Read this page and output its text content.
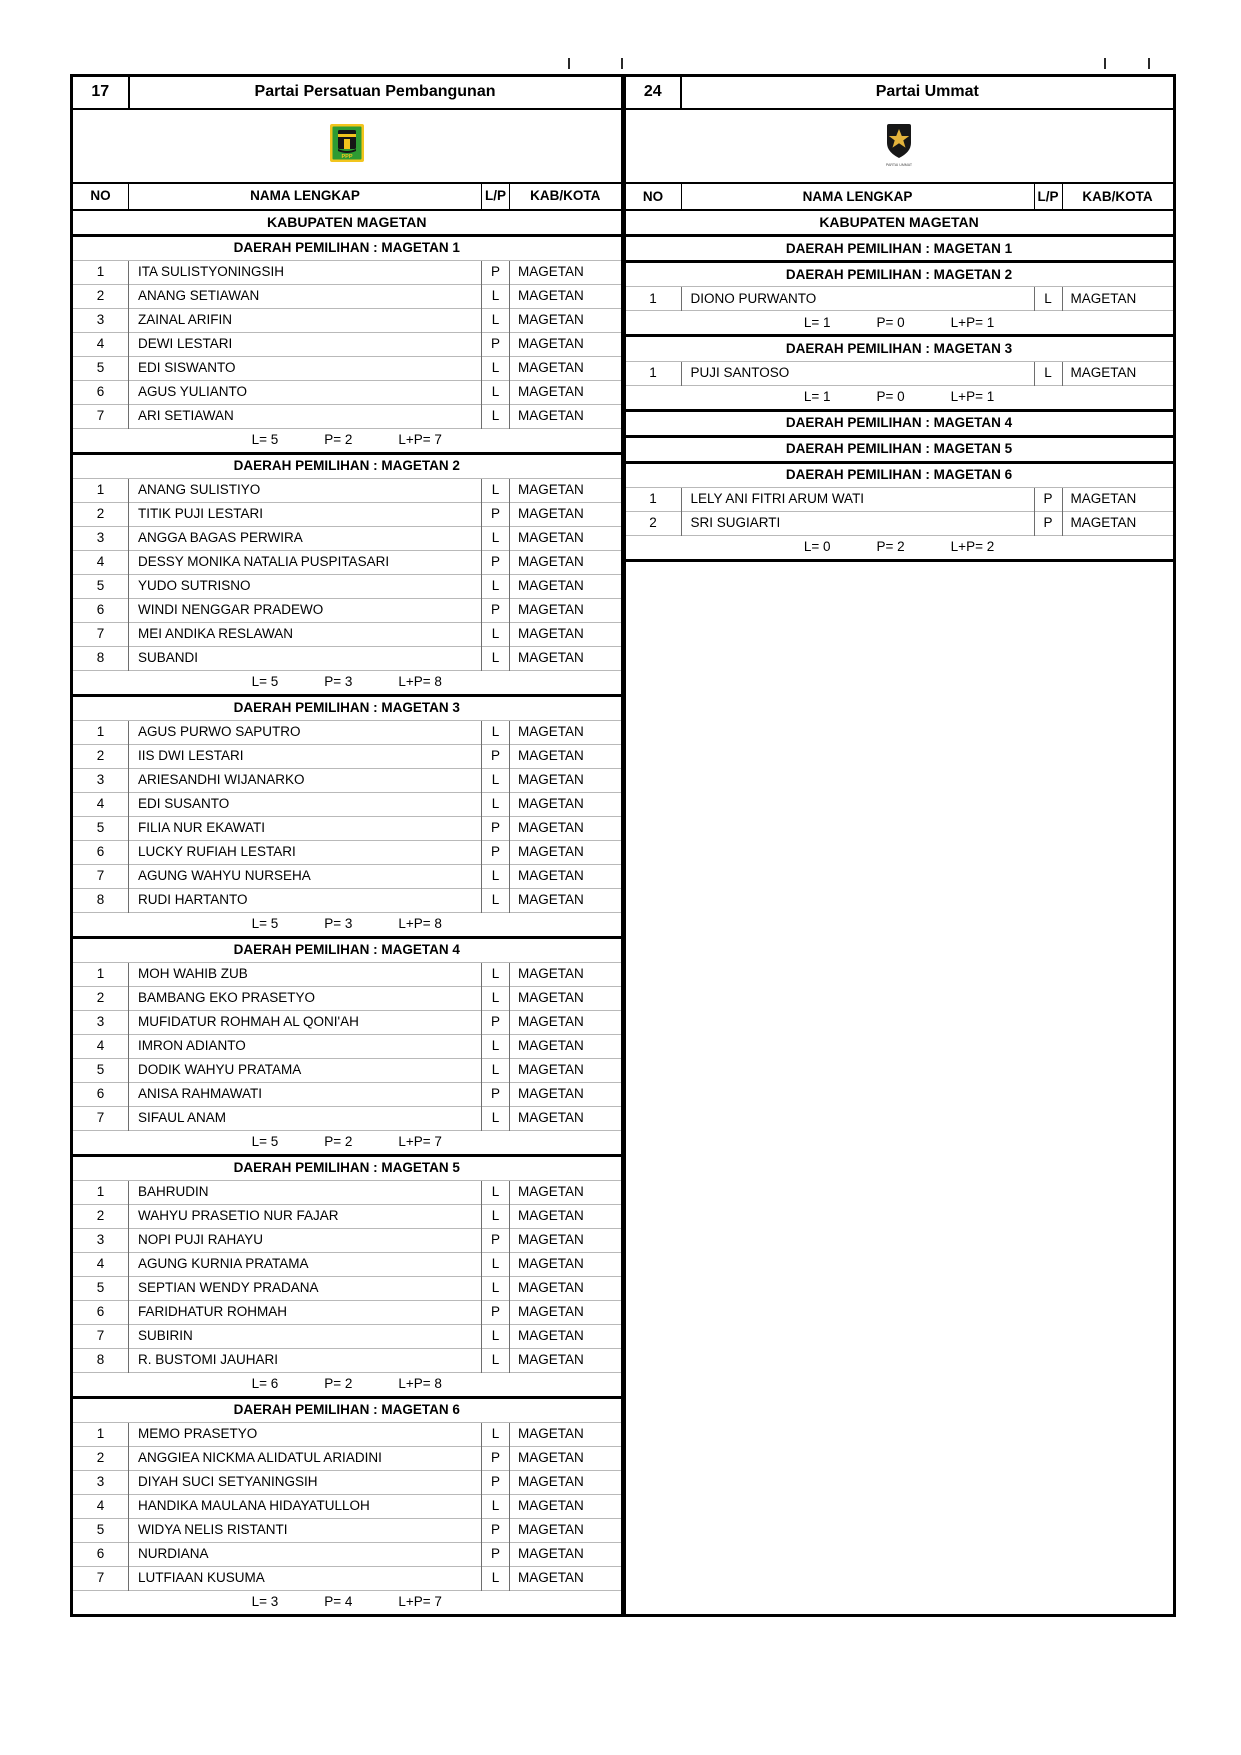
17	Partai Persatuan Pembangunan		

PPP			

NO	NAMA LENGKAP	L/P	KAB/KOTA
KABUPATEN MAGETAN			
DAERAH PEMILIHAN : MAGETAN 1			
1	ITA SULISTYONINGSIH	P	MAGETAN
2	ANANG SETIAWAN	L	MAGETAN
3	ZAINAL ARIFIN	L	MAGETAN
4	DEWI LESTARI	P	MAGETAN
5	EDI SISWANTO	L	MAGETAN
6	AGUS YULIANTO	L	MAGETAN
7	ARI SETIAWAN	L	MAGETAN
L= 5 P= 2 L+P= 7			
DAERAH PEMILIHAN : MAGETAN 2			
1	ANANG SULISTIYO	L	MAGETAN
2	TITIK PUJI LESTARI	P	MAGETAN
3	ANGGA BAGAS PERWIRA	L	MAGETAN
4	DESSY MONIKA NATALIA PUSPITASARI	P	MAGETAN
5	YUDO SUTRISNO	L	MAGETAN
6	WINDI NENGGAR PRADEWO	P	MAGETAN
7	MEI ANDIKA RESLAWAN	L	MAGETAN
8	SUBANDI	L	MAGETAN
L= 5 P= 3 L+P= 8			
DAERAH PEMILIHAN : MAGETAN 3			
1	AGUS PURWO SAPUTRO	L	MAGETAN
2	IIS DWI LESTARI	P	MAGETAN
3	ARIESANDHI WIJANARKO	L	MAGETAN
4	EDI SUSANTO	L	MAGETAN
5	FILIA NUR EKAWATI	P	MAGETAN
6	LUCKY RUFIAH LESTARI	P	MAGETAN
7	AGUNG WAHYU NURSEHA	L	MAGETAN
8	RUDI HARTANTO	L	MAGETAN
L= 5 P= 3 L+P= 8			
DAERAH PEMILIHAN : MAGETAN 4			
1	MOH WAHIB ZUB	L	MAGETAN
2	BAMBANG EKO PRASETYO	L	MAGETAN
3	MUFIDATUR ROHMAH AL QONI'AH	P	MAGETAN
4	IMRON ADIANTO	L	MAGETAN
5	DODIK WAHYU PRATAMA	L	MAGETAN
6	ANISA RAHMAWATI	P	MAGETAN
7	SIFAUL ANAM	L	MAGETAN
L= 5 P= 2 L+P= 7			
DAERAH PEMILIHAN : MAGETAN 5			
1	BAHRUDIN	L	MAGETAN
2	WAHYU PRASETIO NUR FAJAR	L	MAGETAN
3	NOPI PUJI RAHAYU	P	MAGETAN
4	AGUNG KURNIA PRATAMA	L	MAGETAN
5	SEPTIAN WENDY PRADANA	L	MAGETAN
6	FARIDHATUR ROHMAH	P	MAGETAN
7	SUBIRIN	L	MAGETAN
8	R. BUSTOMI JAUHARI	L	MAGETAN
L= 6 P= 2 L+P= 8			
DAERAH PEMILIHAN : MAGETAN 6			
1	MEMO PRASETYO	L	MAGETAN
2	ANGGIEA NICKMA ALIDATUL ARIADINI	P	MAGETAN
3	DIYAH SUCI SETYANINGSIH	P	MAGETAN
4	HANDIKA MAULANA HIDAYATULLOH	L	MAGETAN
5	WIDYA NELIS RISTANTI	P	MAGETAN
6	NURDIANA	P	MAGETAN
7	LUTFIAAN KUSUMA	L	MAGETAN
L= 3 P= 4 L+P= 7			
24	Partai Ummat		

PARTAI UMMAT			

NO	NAMA LENGKAP	L/P	KAB/KOTA
KABUPATEN MAGETAN			
DAERAH PEMILIHAN : MAGETAN 1			
DAERAH PEMILIHAN : MAGETAN 2			
1	DIONO PURWANTO	L	MAGETAN
L= 1 P= 0 L+P= 1			
DAERAH PEMILIHAN : MAGETAN 3			
1	PUJI SANTOSO	L	MAGETAN
L= 1 P= 0 L+P= 1			
DAERAH PEMILIHAN : MAGETAN 4			
DAERAH PEMILIHAN : MAGETAN 5			
DAERAH PEMILIHAN : MAGETAN 6			
1	LELY ANI FITRI ARUM WATI	P	MAGETAN
2	SRI SUGIARTI	P	MAGETAN
L= 0 P= 2 L+P= 2			
